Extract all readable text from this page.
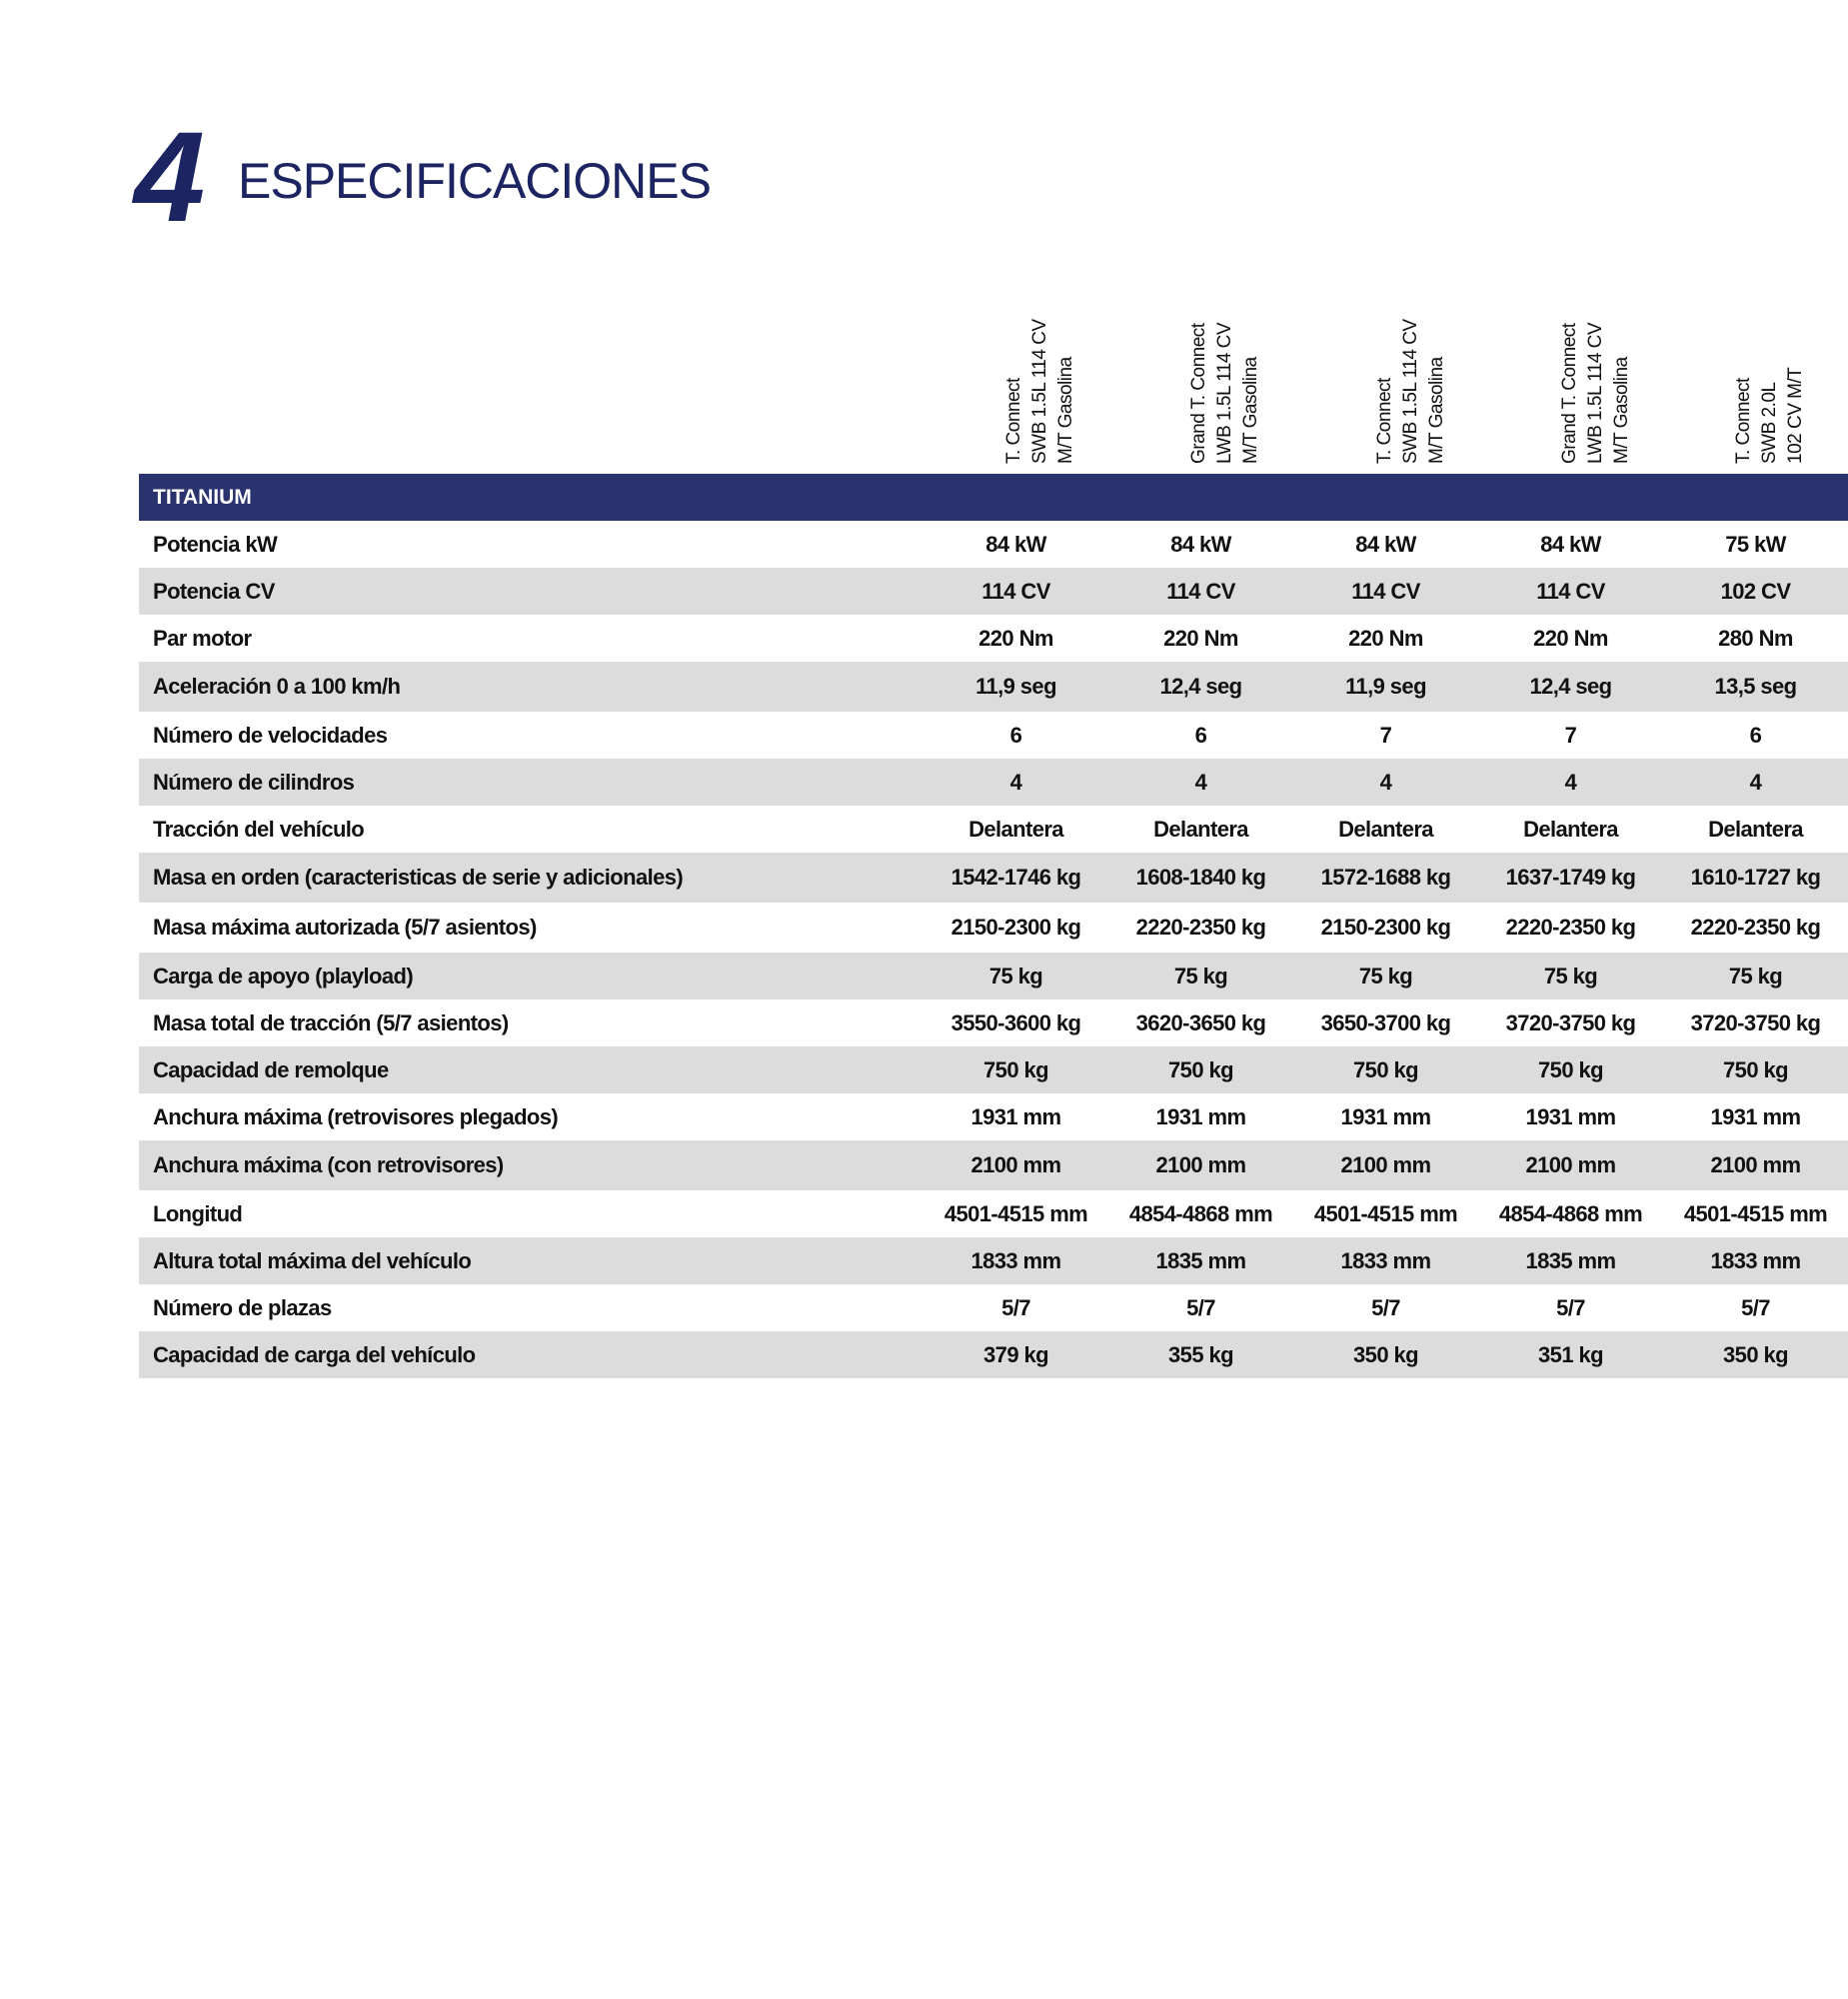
4 ESPECIFICACIONES
T. Connect SWB 1.5L 114 CV M/T Gasolina	Grand T. Connect LWB 1.5L 114 CV M/T Gasolina	T. Connect SWB 1.5L 114 CV M/T Gasolina	Grand T. Connect LWB 1.5L 114 CV M/T Gasolina	T. Connect SWB 2.0L 102 CV M/T
TITANIUM					
Potencia kW	84 kW	84 kW	84 kW	84 kW	75 kW
Potencia CV	114 CV	114 CV	114 CV	114 CV	102 CV
Par motor	220 Nm	220 Nm	220 Nm	220 Nm	280 Nm
Aceleración 0 a 100 km/h	11,9 seg	12,4 seg	11,9 seg	12,4 seg	13,5 seg
Número de velocidades	6	6	7	7	6
Número de cilindros	4	4	4	4	4
Tracción del vehículo	Delantera	Delantera	Delantera	Delantera	Delantera
Masa en orden (caracteristicas de serie y adicionales)	1542-1746 kg	1608-1840 kg	1572-1688 kg	1637-1749 kg	1610-1727 kg
Masa máxima autorizada (5/7 asientos)	2150-2300 kg	2220-2350 kg	2150-2300 kg	2220-2350 kg	2220-2350 kg
Carga de apoyo (playload)	75 kg	75 kg	75 kg	75 kg	75 kg
Masa total de tracción (5/7 asientos)	3550-3600 kg	3620-3650 kg	3650-3700 kg	3720-3750 kg	3720-3750 kg
Capacidad de remolque	750 kg	750 kg	750 kg	750 kg	750 kg
Anchura máxima (retrovisores plegados)	1931 mm	1931 mm	1931 mm	1931 mm	1931 mm
Anchura máxima (con retrovisores)	2100 mm	2100 mm	2100 mm	2100 mm	2100 mm
Longitud	4501-4515 mm	4854-4868 mm	4501-4515 mm	4854-4868 mm	4501-4515 mm
Altura total máxima del vehículo	1833 mm	1835 mm	1833 mm	1835 mm	1833 mm
Número de plazas	5/7	5/7	5/7	5/7	5/7
Capacidad de carga del vehículo	379 kg	355 kg	350 kg	351 kg	350 kg
